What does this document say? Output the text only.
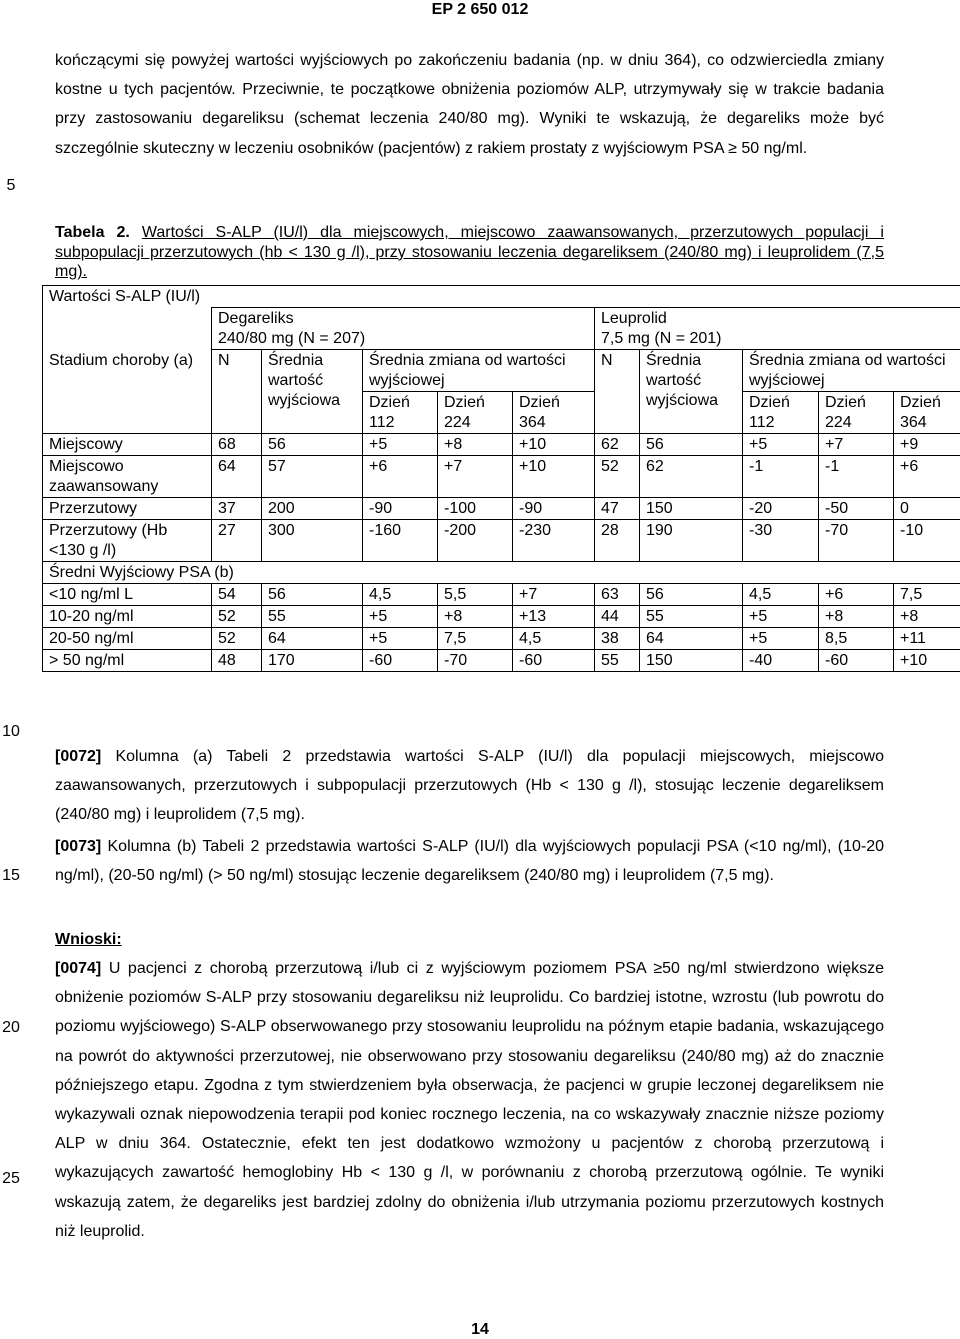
EP 2 650 012
5
10
15
20
25
kończącymi się powyżej wartości wyjściowych po zakończeniu badania (np. w dniu 364), co odzwierciedla zmiany kostne u tych pacjentów. Przeciwnie, te początkowe obniżenia poziomów ALP, utrzymywały się w trakcie badania przy zastosowaniu degareliksu (schemat leczenia 240/80 mg). Wyniki te wskazują, że degareliks może być szczególnie skuteczny w leczeniu osobników (pacjentów) z rakiem prostaty z wyjściowym PSA ≥ 50 ng/ml.
Tabela 2. Wartości S-ALP (IU/l) dla miejscowych, miejscowo zaawansowanych, przerzutowych populacji i subpopulacji przerzutowych (hb < 130 g /l), przy stosowaniu leczenia degareliksem (240/80 mg) i leuprolidem (7,5 mg).
Wartości S-ALP (IU/l)										
	Degareliks
240/80 mg (N = 207)					Leuprolid
7,5 mg (N = 201)				
Stadium choroby (a)	N	Średnia wartość wyjściowa	Średnia zmiana od wartości wyjściowej			N	Średnia wartość wyjściowa	Średnia zmiana od wartości wyjściowej		
			Dzień 112	Dzień 224	Dzień 364			Dzień 112	Dzień 224	Dzień 364
Miejscowy	68	56	+5	+8	+10	62	56	+5	+7	+9
Miejscowo zaawansowany	64	57	+6	+7	+10	52	62	-1	-1	+6
Przerzutowy	37	200	-90	-100	-90	47	150	-20	-50	0
Przerzutowy (Hb <130 g /l)	27	300	-160	-200	-230	28	190	-30	-70	-10
Średni Wyjściowy PSA (b)										
<10 ng/ml L	54	56	4,5	5,5	+7	63	56	4,5	+6	7,5
10-20 ng/ml	52	55	+5	+8	+13	44	55	+5	+8	+8
20-50 ng/ml	52	64	+5	7,5	4,5	38	64	+5	8,5	+11
> 50 ng/ml	48	170	-60	-70	-60	55	150	-40	-60	+10
[0072] Kolumna (a) Tabeli 2 przedstawia wartości S-ALP (IU/l) dla populacji miejscowych, miejscowo zaawansowanych, przerzutowych i subpopulacji przerzutowych (Hb < 130 g /l), stosując leczenie degareliksem (240/80 mg) i leuprolidem (7,5 mg).
[0073] Kolumna (b) Tabeli 2 przedstawia wartości S-ALP (IU/l) dla wyjściowych populacji PSA (<10 ng/ml), (10-20 ng/ml), (20-50 ng/ml) (> 50 ng/ml) stosując leczenie degareliksem (240/80 mg) i leuprolidem (7,5 mg).
Wnioski:
[0074] U pacjenci z chorobą przerzutową i/lub ci z wyjściowym poziomem PSA ≥50 ng/ml stwierdzono większe obniżenie poziomów S-ALP przy stosowaniu degareliksu niż leuprolidu. Co bardziej istotne, wzrostu (lub powrotu do poziomu wyjściowego) S-ALP obserwowanego przy stosowaniu leuprolidu na późnym etapie badania, wskazującego na powrót do aktywności przerzutowej, nie obserwowano przy stosowaniu degareliksu (240/80 mg) aż do znacznie późniejszego etapu. Zgodna z tym stwierdzeniem była obserwacja, że pacjenci w grupie leczonej degareliksem nie wykazywali oznak niepowodzenia terapii pod koniec rocznego leczenia, na co wskazywały znacznie niższe poziomy ALP w dniu 364. Ostatecznie, efekt ten jest dodatkowo wzmożony u pacjentów z chorobą przerzutową i wykazujących zawartość hemoglobiny Hb < 130 g /l, w porównaniu z chorobą przerzutową ogólnie. Te wyniki wskazują zatem, że degareliks jest bardziej zdolny do obniżenia i/lub utrzymania poziomu przerzutowych kostnych niż leuprolid.
14
